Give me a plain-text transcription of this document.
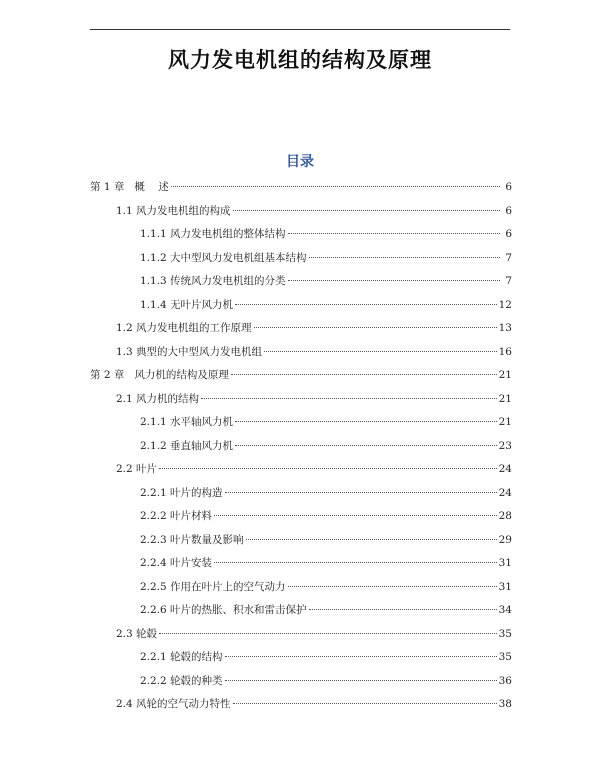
风力发电机组的结构及原理
目录
第 1 章   概    述	6
1.1 风力发电机组的构成	6
1.1.1 风力发电机组的整体结构	6
1.1.2 大中型风力发电机组基本结构	7
1.1.3 传统风力发电机组的分类	7
1.1.4 无叶片风力机	12
1.2 风力发电机组的工作原理	13
1.3 典型的大中型风力发电机组	16
第 2 章   风力机的结构及原理	21
2.1 风力机的结构	21
2.1.1 水平轴风力机	21
2.1.2 垂直轴风力机	23
2.2 叶片	24
2.2.1 叶片的构造	24
2.2.2 叶片材料	28
2.2.3 叶片数量及影响	29
2.2.4 叶片安装	31
2.2.5 作用在叶片上的空气动力	31
2.2.6 叶片的热胀、积水和雷击保护	34
2.3 轮毂	35
2.2.1 轮毂的结构	35
2.2.2 轮毂的种类	36
2.4 风轮的空气动力特性	38
